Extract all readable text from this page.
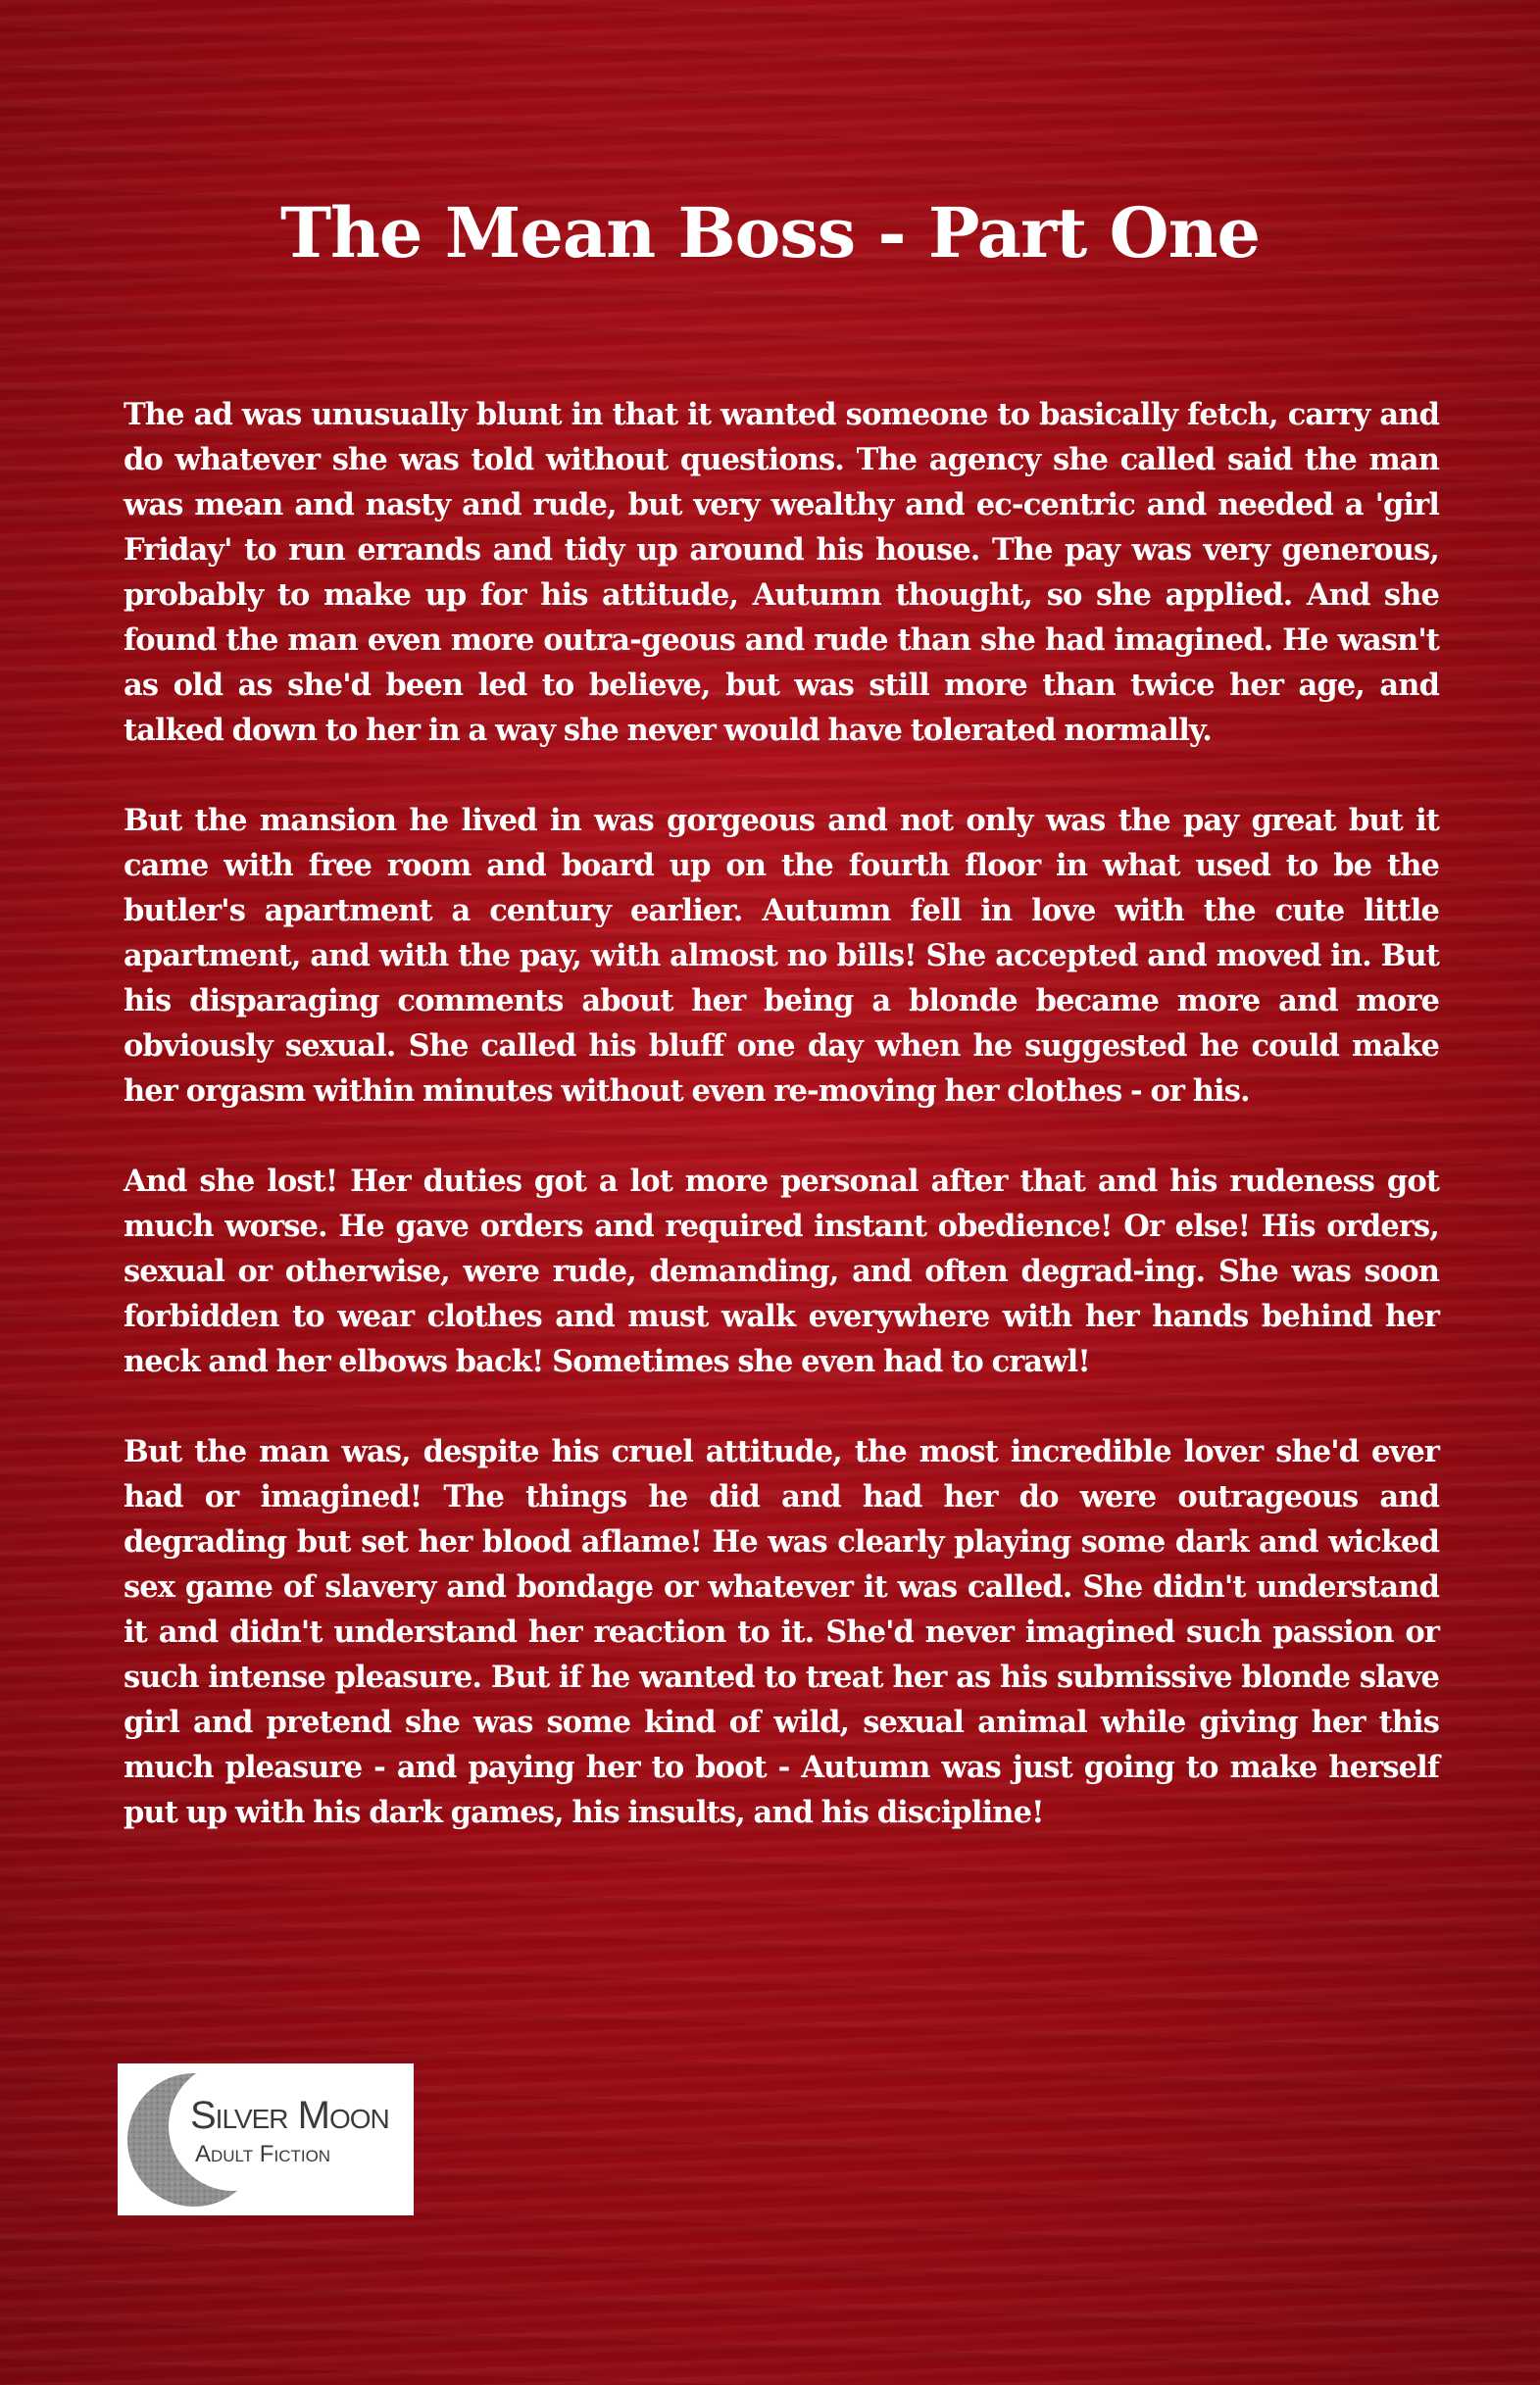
The Mean Boss - Part One

The ad was unusually blunt in that it wanted someone to basically fetch, carry and do whatever she was told without questions. The agency she called said the man was mean and nasty and rude, but very wealthy and ec-centric and needed a 'girl Friday' to run errands and tidy up around his house. The pay was very generous, probably to make up for his attitude, Autumn thought, so she applied. And she found the man even more outra-geous and rude than she had imagined. He wasn't as old as she'd been led to believe, but was still more than twice her age, and talked down to her in a way she never would have tolerated normally.

But the mansion he lived in was gorgeous and not only was the pay great but it came with free room and board up on the fourth floor in what used to be the butler's apartment a century earlier. Autumn fell in love with the cute little apartment, and with the pay, with almost no bills! She accepted and moved in. But his disparaging comments about her being a blonde became more and more obviously sexual. She called his bluff one day when he suggested he could make her orgasm within minutes without even re-moving her clothes - or his.

And she lost! Her duties got a lot more personal after that and his rudeness got much worse. He gave orders and required instant obedience! Or else! His orders, sexual or otherwise, were rude, demanding, and often degrad-ing. She was soon forbidden to wear clothes and must walk everywhere with her hands behind her neck and her elbows back! Sometimes she even had to crawl!

But the man was, despite his cruel attitude, the most incredible lover she'd ever had or imagined! The things he did and had her do were outrageous and degrading but set her blood aflame! He was clearly playing some dark and wicked sex game of slavery and bondage or whatever it was called. She didn't understand it and didn't understand her reaction to it. She'd never imagined such passion or such intense pleasure. But if he wanted to treat her as his submissive blonde slave girl and pretend she was some kind of wild, sexual animal while giving her this much pleasure - and paying her to boot - Autumn was just going to make herself put up with his dark games, his insults, and his discipline!

Silver Moon
Adult Fiction
